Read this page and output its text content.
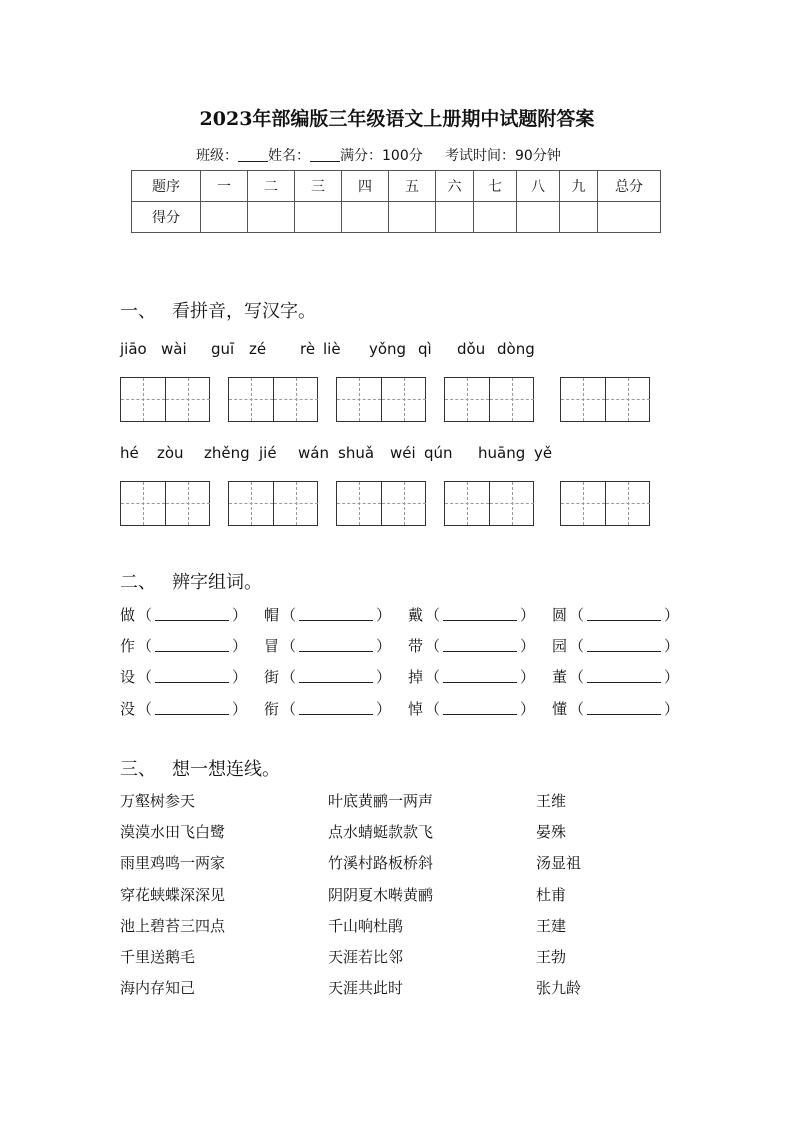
2023年部编版三年级语文上册期中试题附答案
班级： 姓名： 满分：100分 考试时间：90分钟
题序	一	二	三	四	五	六	七	八	九	总分
得分										
一、 看拼音，写汉字。
jiāo wài guī zé rè liè yǒng qì dǒu dòng
hé zòu zhěng jié wán shuǎ wéi qún huāng yě
二、 辨字组词。
做 （	） 帽 （	） 戴 （	） 圆 （	）
作 （	） 冒 （	） 带 （	） 园 （	）
设 （	） 街 （	） 掉 （	） 董 （	）
没 （	） 衔 （	） 悼 （	） 懂 （	）
三、 想一想连线。
万壑树参天	叶底黄鹂一两声	王维
漠漠水田飞白鹭	点水蜻蜓款款飞	晏殊
雨里鸡鸣一两家	竹溪村路板桥斜	汤显祖
穿花蛱蝶深深见	阴阴夏木啭黄鹂	杜甫
池上碧苔三四点	千山响杜鹃	王建
千里送鹅毛	天涯若比邻	王勃
海内存知己	天涯共此时	张九龄
